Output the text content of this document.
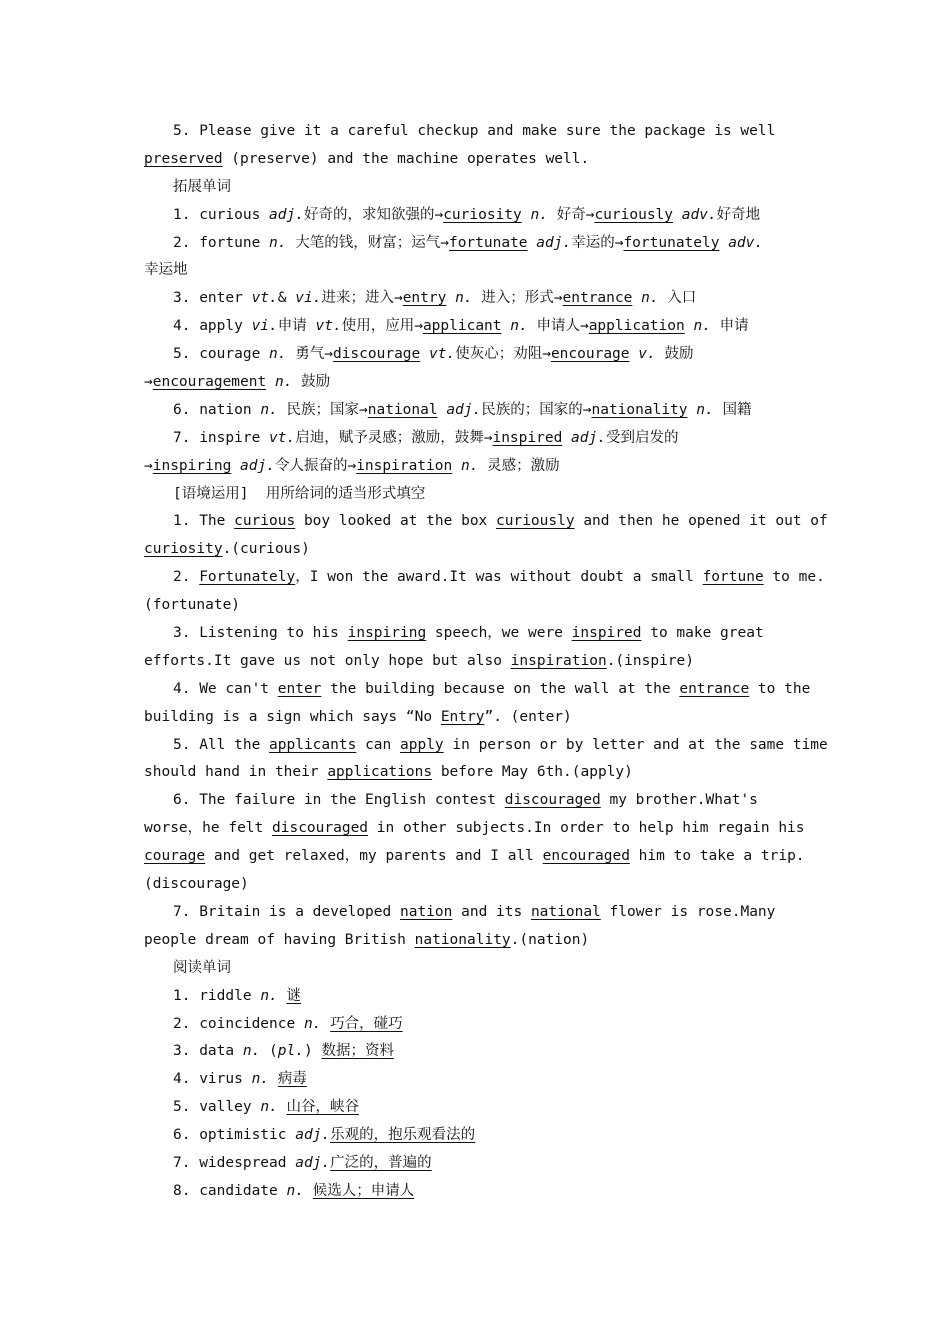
5. Please give it a careful checkup and make sure the package is well
preserved (preserve) and the machine operates well.
拓展单词
1. curious adj.好奇的，求知欲强的→curiosity n. 好奇→curiously adv.好奇地
2. fortune n. 大笔的钱，财富；运气→fortunate adj.幸运的→fortunately adv.
幸运地
3. enter vt.& vi.进来；进入→entry n. 进入；形式→entrance n. 入口
4. apply vi.申请 vt.使用，应用→applicant n. 申请人→application n. 申请
5. courage n. 勇气→discourage vt.使灰心；劝阻→encourage v. 鼓励
→encouragement n. 鼓励
6. nation n. 民族；国家→national adj.民族的；国家的→nationality n. 国籍
7. inspire vt.启迪，赋予灵感；激励，鼓舞→inspired adj.受到启发的
→inspiring adj.令人振奋的→inspiration n. 灵感；激励
[语境运用]  用所给词的适当形式填空
1. The curious boy looked at the box curiously and then he opened it out of
curiosity.(curious)
2. Fortunately ，I won the award.It was without doubt a small fortune to me.
(fortunate)
3. Listening to his inspiring speech，we were inspired to make great
efforts.It gave us not only hope but also inspiration.(inspire)
4. We can't enter the building because on the wall at the entrance to the
building is a sign which says “No Entry”. (enter)
5. All the applicants can apply in person or by letter and at the same time
should hand in their applications before May 6th.(apply)
6. The failure in the English contest discouraged my brother.What's
worse，he felt discouraged in other subjects.In order to help him regain his
courage and get relaxed，my parents and I all encouraged him to take a trip.
(discourage)
7. Britain is a developed nation and its national flower is rose.Many
people dream of having British nationality.(nation)
阅读单词
1. riddle n. 谜
2. coincidence n. 巧合，碰巧
3. data n. (pl.) 数据；资料
4. virus n. 病毒
5. valley n. 山谷，峡谷
6. optimistic adj.乐观的，抱乐观看法的
7. widespread adj.广泛的，普遍的
8. candidate n. 候选人；申请人
